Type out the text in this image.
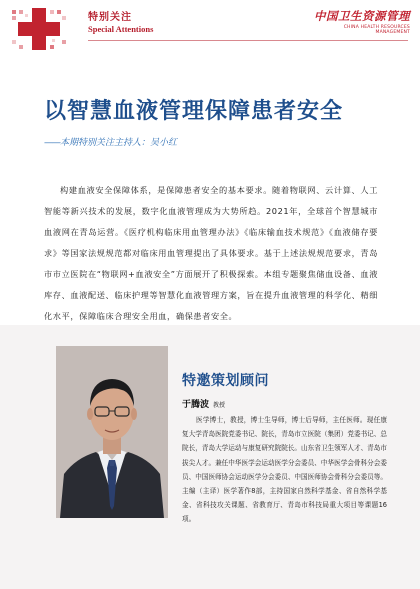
特别关注
Special Attentions
中国卫生资源管理
CHINA HEALTH RESOURCES MANAGEMENT
以智慧血液管理保障患者安全
——本期特别关注主持人：吴小红
构建血液安全保障体系，是保障患者安全的基本要求。随着物联网、云计算、人工智能等新兴技术的发展，数字化血液管理成为大势所趋。2021年，全球首个智慧城市血液网在青岛运营。《医疗机构临床用血管理办法》《临床输血技术规范》《血液储存要求》等国家法规规范都对临床用血管理提出了具体要求。基于上述法规规范要求，青岛市市立医院在“物联网+血液安全”方面展开了积极探索。本组专题聚焦储血设备、血液库存、血液配送、临床护理等智慧化血液管理方案，旨在提升血液管理的科学化、精细化水平，保障临床合理安全用血，确保患者安全。
特邀策划顾问
于腾波 教授
医学博士，教授，博士生导师，博士后导师，主任医师。现任康复大学青岛医院党委书记、院长，青岛市立医院（集团）党委书记、总院长，青岛大学运动与康复研究院院长。山东省卫生领军人才、青岛市拔尖人才。兼任中华医学会运动医学分会委员、中华医学会骨科分会委员、中国医师协会运动医学分会委员、中国医师协会骨科分会委员等。主编（主译）医学著作8部，主持国家自然科学基金、省自然科学基金、省科技攻关课题、省教育厅、青岛市科技局重大项目等课题16项。
